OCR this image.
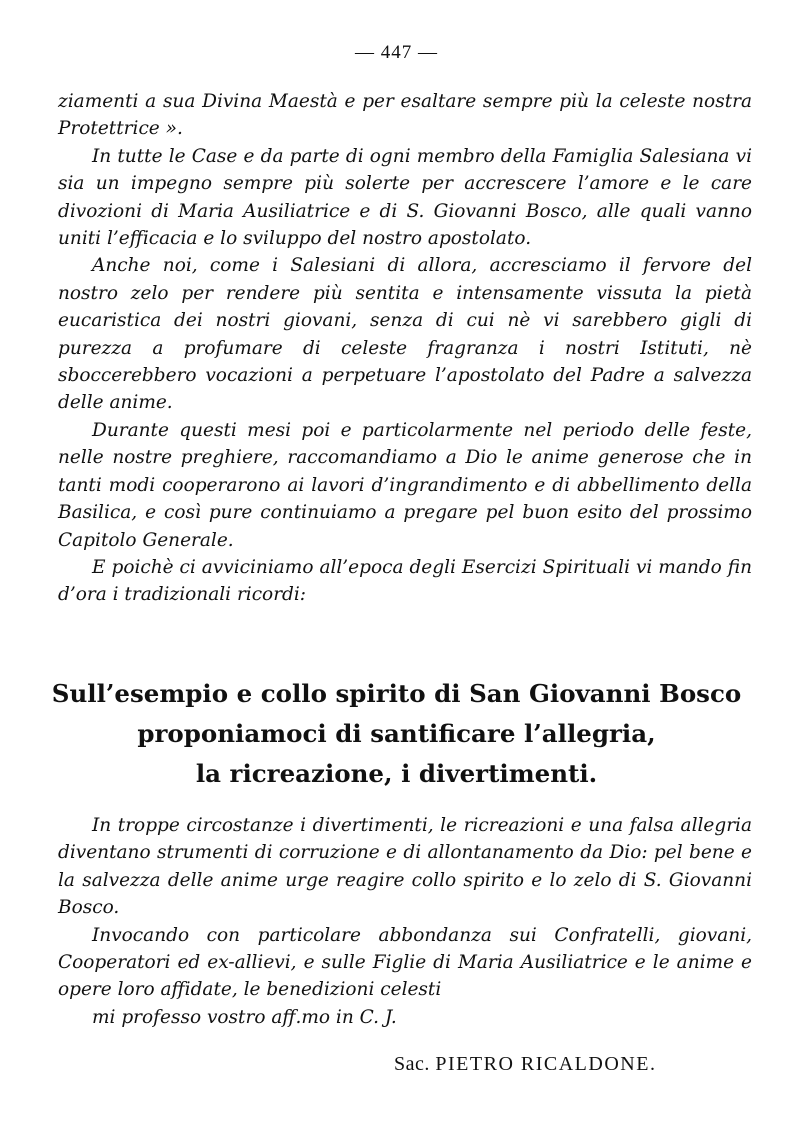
— 447 —

ziamenti a sua Divina Maestà e per esaltare sempre più la celeste nostra Protettrice ».

In tutte le Case e da parte di ogni membro della Famiglia Salesiana vi sia un impegno sempre più solerte per accrescere l’amore e le care divozioni di Maria Ausiliatrice e di S. Giovanni Bosco, alle quali vanno uniti l’efficacia e lo sviluppo del nostro apostolato.

Anche noi, come i Salesiani di allora, accresciamo il fervore del nostro zelo per rendere più sentita e intensamente vissuta la pietà eucaristica dei nostri giovani, senza di cui nè vi sarebbero gigli di purezza a profumare di celeste fragranza i nostri Istituti, nè sboccerebbero vocazioni a perpetuare l’apostolato del Padre a salvezza delle anime.

Durante questi mesi poi e particolarmente nel periodo delle feste, nelle nostre preghiere, raccomandiamo a Dio le anime generose che in tanti modi cooperarono ai lavori d’ingrandimento e di abbellimento della Basilica, e così pure continuiamo a pregare pel buon esito del prossimo Capitolo Generale.

E poichè ci avviciniamo all’epoca degli Esercizi Spirituali vi mando fin d’ora i tradizionali ricordi:

Sull’esempio e collo spirito di San Giovanni Bosco
proponiamoci di santificare l’allegria,
la ricreazione, i divertimenti.

In troppe circostanze i divertimenti, le ricreazioni e una falsa allegria diventano strumenti di corruzione e di allontanamento da Dio: pel bene e la salvezza delle anime urge reagire collo spirito e lo zelo di S. Giovanni Bosco.

Invocando con particolare abbondanza sui Confratelli, giovani, Cooperatori ed ex-allievi, e sulle Figlie di Maria Ausiliatrice e le anime e opere loro affidate, le benedizioni celesti

mi professo vostro aff.mo in C. J.

Sac. PIETRO RICALDONE.
